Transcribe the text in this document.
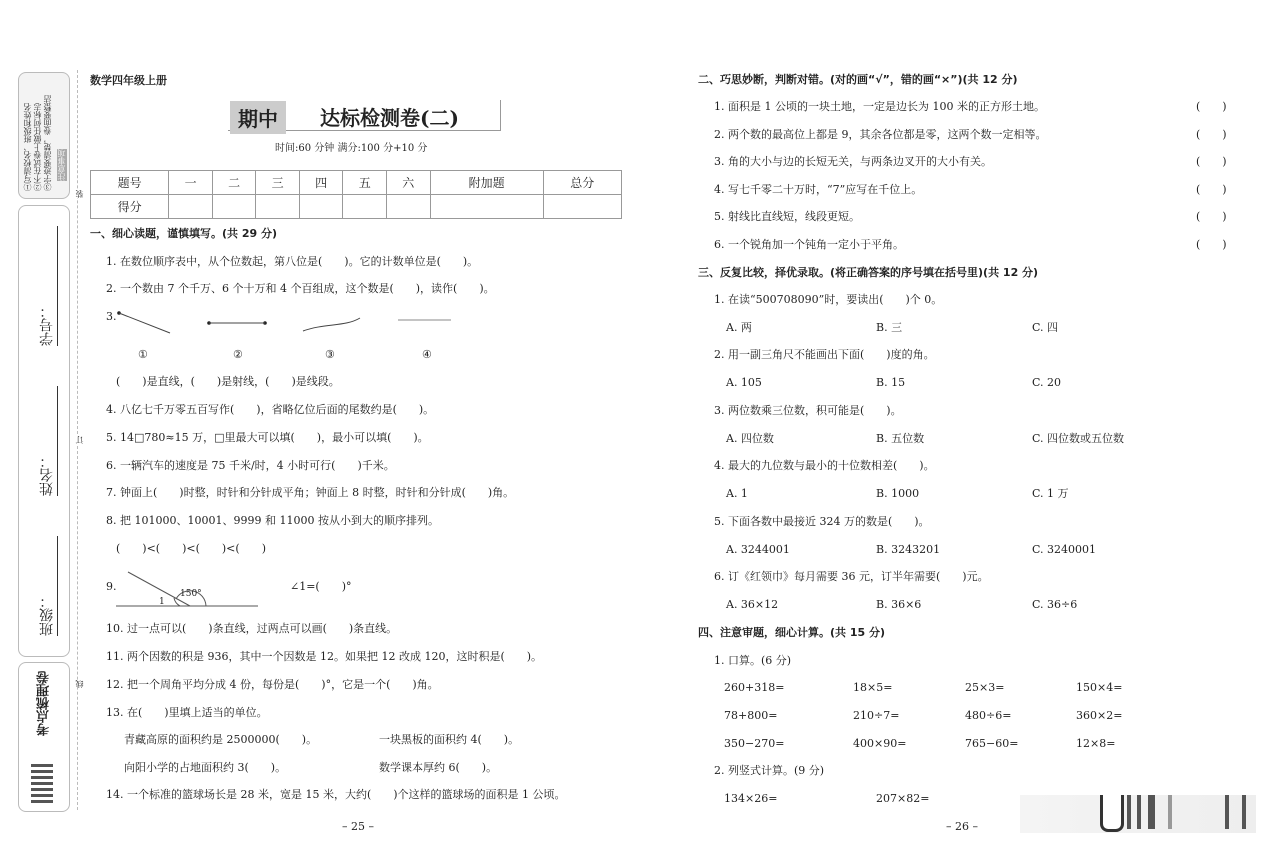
①写清校名、班级和姓名 ②不在试卷上做任何标志 ③字迹要清楚，卷面要整洁 注意事项
班级：
姓名：
学号：
考点梳理卷
装
订
线
数学四年级上册
期中	达标检测卷(二)
时间:60 分钟 满分:100 分+10 分
题号	一	二	三	四	五	六	附加题	总分
得分								
一、细心读题，谨慎填写。(共 29 分)
1. 在数位顺序表中，从个位数起，第八位是(　　)。它的计数单位是(　　)。
2. 一个数由 7 个千万、6 个十万和 4 个百组成，这个数是(　　)，读作(　　)。
3.
①	②	③	④
(　　)是直线，(　　)是射线，(　　)是线段。
4. 八亿七千万零五百写作(　　)，省略亿位后面的尾数约是(　　)。
5. 14□780≈15 万，□里最大可以填(　　)，最小可以填(　　)。
6. 一辆汽车的速度是 75 千米/时，4 小时可行(　　)千米。
7. 钟面上(　　)时整，时针和分针成平角；钟面上 8 时整，时针和分针成(　　)角。
8. 把 101000、10001、9999 和 11000 按从小到大的顺序排列。
(　　)<(　　)<(　　)<(　　)
9.
150°
1
∠1=(　　)°
10. 过一点可以(　　)条直线，过两点可以画(　　)条直线。
11. 两个因数的积是 936，其中一个因数是 12。如果把 12 改成 120，这时积是(　　)。
12. 把一个周角平均分成 4 份，每份是(　　)°，它是一个(　　)角。
13. 在(　　)里填上适当的单位。
青藏高原的面积约是 2500000(　　)。	一块黑板的面积约 4(　　)。
向阳小学的占地面积约 3(　　)。	数学课本厚约 6(　　)。
14. 一个标准的篮球场长是 28 米，宽是 15 米，大约(　　)个这样的篮球场的面积是 1 公顷。
– 25 –
二、巧思妙断，判断对错。(对的画“√”，错的画“×”)(共 12 分)
1. 面积是 1 公顷的一块土地，一定是边长为 100 米的正方形土地。	(　　)
2. 两个数的最高位上都是 9，其余各位都是零，这两个数一定相等。	(　　)
3. 角的大小与边的长短无关，与两条边叉开的大小有关。	(　　)
4. 写七千零二十万时，“7”应写在千位上。	(　　)
5. 射线比直线短，线段更短。	(　　)
6. 一个锐角加一个钝角一定小于平角。	(　　)
三、反复比较，择优录取。(将正确答案的序号填在括号里)(共 12 分)
1. 在读“500708090”时，要读出(　　)个 0。
A. 两	B. 三	C. 四
2. 用一副三角尺不能画出下面(　　)度的角。
A. 105	B. 15	C. 20
3. 两位数乘三位数，积可能是(　　)。
A. 四位数	B. 五位数	C. 四位数或五位数
4. 最大的九位数与最小的十位数相差(　　)。
A. 1	B. 1000	C. 1 万
5. 下面各数中最接近 324 万的数是(　　)。
A. 3244001	B. 3243201	C. 3240001
6. 订《红领巾》每月需要 36 元，订半年需要(　　)元。
A. 36×12	B. 36×6	C. 36÷6
四、注意审题，细心计算。(共 15 分)
1. 口算。(6 分)
260+318=	18×5=	25×3=	150×4=
78+800=	210÷7=	480÷6=	360×2=
350−270=	400×90=	765−60=	12×8=
2. 列竖式计算。(9 分)
134×26=	207×82=
– 26 –
